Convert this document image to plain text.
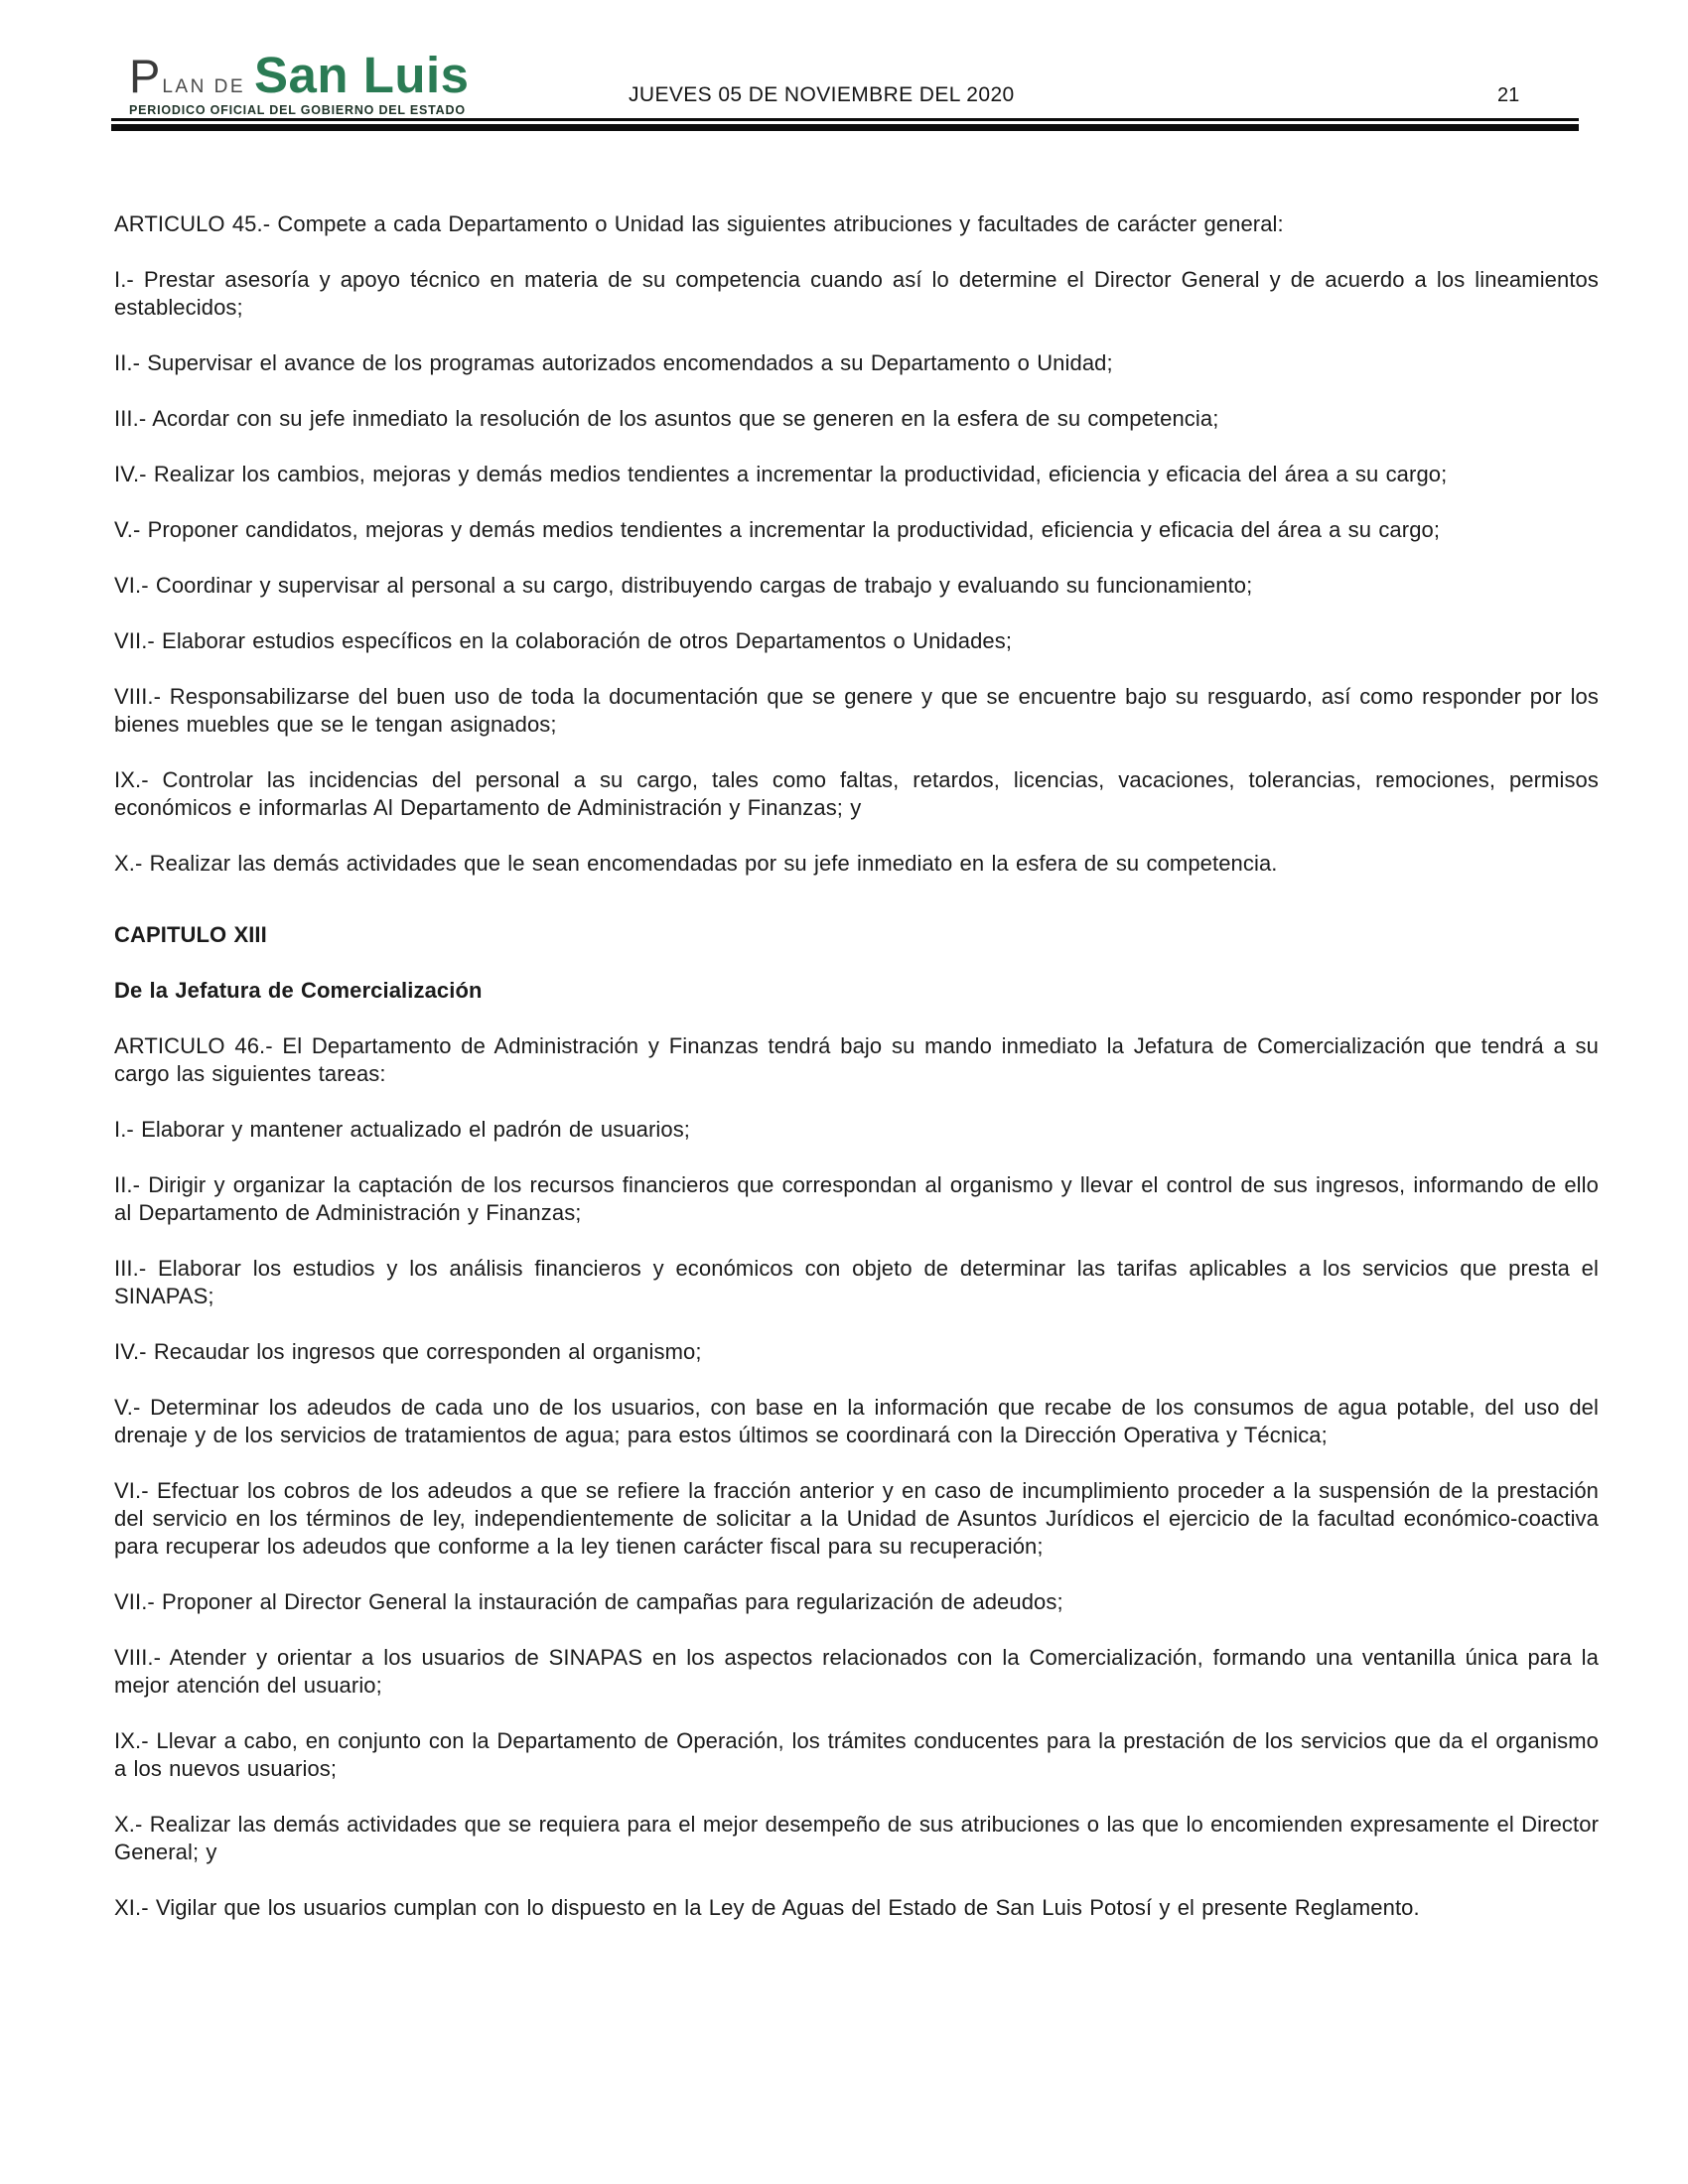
P LAN DE San Luis
PERIODICO OFICIAL DEL GOBIERNO DEL ESTADO
JUEVES 05 DE NOVIEMBRE DEL 2020	21

ARTICULO 45.- Compete a cada Departamento o Unidad las siguientes atribuciones y facultades de carácter general:

I.- Prestar asesoría y apoyo técnico en materia de su competencia cuando así lo determine el Director General y de acuerdo a los lineamientos establecidos;

II.- Supervisar el avance de los programas autorizados encomendados a su Departamento o Unidad;

III.- Acordar con su jefe inmediato la resolución de los asuntos que se generen en la esfera de su competencia;

IV.- Realizar los cambios, mejoras y demás medios tendientes a incrementar la productividad, eficiencia y eficacia del área a su cargo;

V.- Proponer candidatos, mejoras y demás medios tendientes a incrementar la productividad, eficiencia y eficacia del área a su cargo;

VI.- Coordinar y supervisar al personal a su cargo, distribuyendo cargas de trabajo y evaluando su funcionamiento;

VII.- Elaborar estudios específicos en la colaboración de otros Departamentos o Unidades;

VIII.- Responsabilizarse del buen uso de toda la documentación que se genere y que se encuentre bajo su resguardo, así como responder por los bienes muebles que se le tengan asignados;

IX.- Controlar las incidencias del personal a su cargo, tales como faltas, retardos, licencias, vacaciones, tolerancias, remociones, permisos económicos e informarlas Al Departamento de Administración y Finanzas; y

X.- Realizar las demás actividades que le sean encomendadas por su jefe inmediato en la esfera de su competencia.

CAPITULO XIII

De la Jefatura de Comercialización

ARTICULO 46.- El Departamento de Administración y Finanzas tendrá bajo su mando inmediato la Jefatura de Comercialización que tendrá a su cargo las siguientes tareas:

I.- Elaborar y mantener actualizado el padrón de usuarios;

II.- Dirigir y organizar la captación de los recursos financieros que correspondan al organismo y llevar el control de sus ingresos, informando de ello al Departamento de Administración y Finanzas;

III.- Elaborar los estudios y los análisis financieros y económicos con objeto de determinar las tarifas aplicables a los servicios que presta el SINAPAS;

IV.- Recaudar los ingresos que corresponden al organismo;

V.- Determinar los adeudos de cada uno de los usuarios, con base en la información que recabe de los consumos de agua potable, del uso del drenaje y de los servicios de tratamientos de agua; para estos últimos se coordinará con la Dirección Operativa y Técnica;

VI.- Efectuar los cobros de los adeudos a que se refiere la fracción anterior y en caso de incumplimiento proceder a la suspensión de la prestación del servicio en los términos de ley, independientemente de solicitar a la Unidad de Asuntos Jurídicos el ejercicio de la facultad económico-coactiva para recuperar los adeudos que conforme a la ley tienen carácter fiscal para su recuperación;

VII.- Proponer al Director General la instauración de campañas para regularización de adeudos;

VIII.- Atender y orientar a los usuarios de SINAPAS en los aspectos relacionados con la Comercialización, formando una ventanilla única para la mejor atención del usuario;

IX.- Llevar a cabo, en conjunto con la Departamento de Operación, los trámites conducentes para la prestación de los servicios que da el organismo a los nuevos usuarios;

X.- Realizar las demás actividades que se requiera para el mejor desempeño de sus atribuciones o las que lo encomienden expresamente el Director General; y

XI.- Vigilar que los usuarios cumplan con lo dispuesto en la Ley de Aguas del Estado de San Luis Potosí y el presente Reglamento.
